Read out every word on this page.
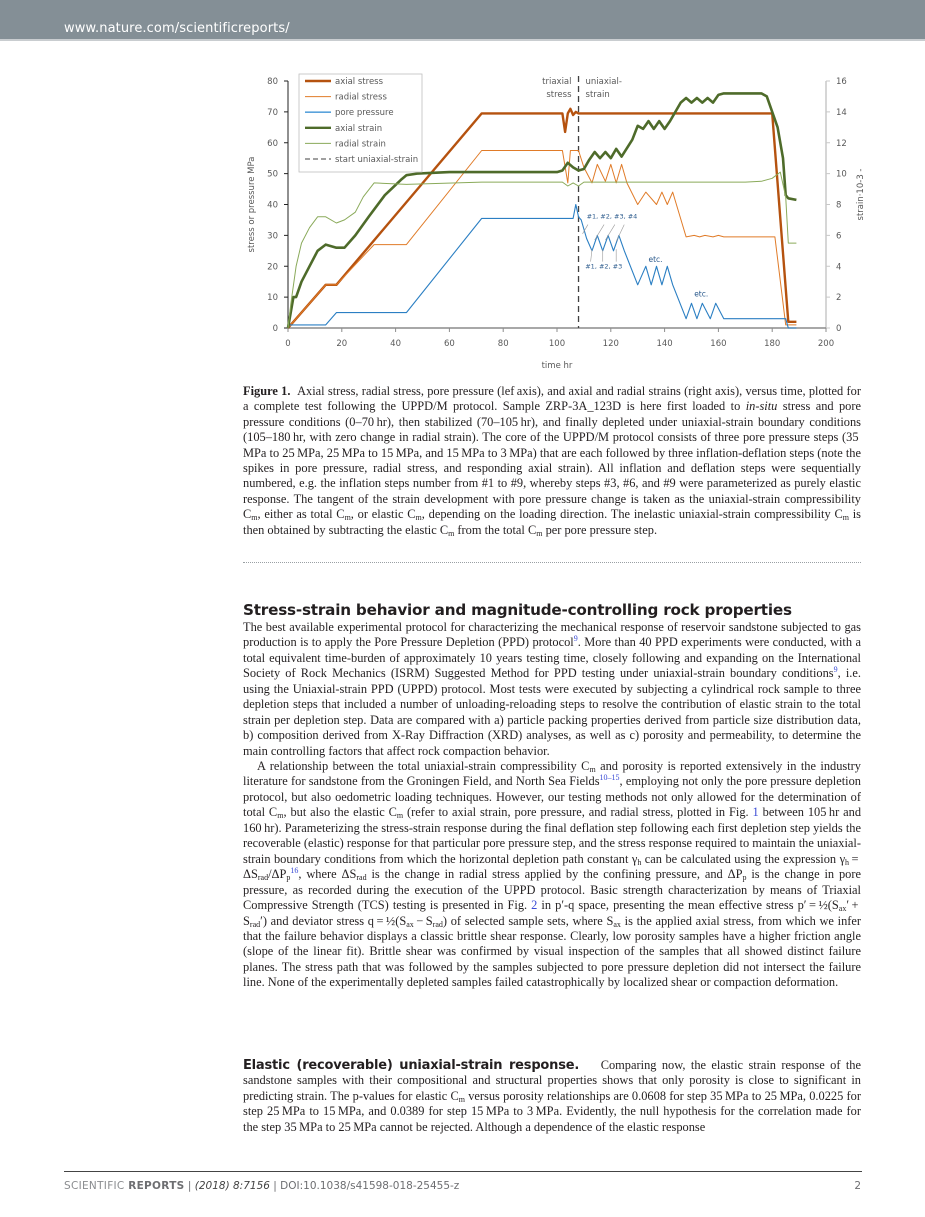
www.nature.com/scientificreports/
0
10
20
30
40
50
60
70
80
0
2
4
6
8
10
12
14
16
0	20	40	60	80	100	120	140	160	180	200
time hr
stress or pressure MPa	strain·10-3 -
axial stress
radial stress
pore pressure
axial strain
radial strain
start uniaxial-strain
triaxial
stress
uniaxial-
strain
#1, #2, #3, #4
#1, #2, #3
etc.
etc.
Figure 1. Axial stress, radial stress, pore pressure (lef axis), and axial and radial strains (right axis), versus time, plotted for a complete test following the UPPD/M protocol. Sample ZRP-3A_123D is here first loaded to in-situ stress and pore pressure conditions (0–70 hr), then stabilized (70–105 hr), and finally depleted under uniaxial-strain boundary conditions (105–180 hr, with zero change in radial strain). The core of the UPPD/M protocol consists of three pore pressure steps (35 MPa to 25 MPa, 25 MPa to 15 MPa, and 15 MPa to 3 MPa) that are each followed by three inflation-deflation steps (note the spikes in pore pressure, radial stress, and responding axial strain). All inflation and deflation steps were sequentially numbered, e.g. the inflation steps number from #1 to #9, whereby steps #3, #6, and #9 were parameterized as purely elastic response. The tangent of the strain development with pore pressure change is taken as the uniaxial-strain compressibility $C_m$, either as total $C_m$, or elastic $C_m$, depending on the loading direction. The inelastic uniaxial-strain compressibility $C_m$ is then obtained by subtracting the elastic $C_m$ from the total $C_m$ per pore pressure step.
Stress-strain behavior and magnitude-controlling rock properties
The best available experimental protocol for characterizing the mechanical response of reservoir sandstone subjected to gas production is to apply the Pore Pressure Depletion (PPD) protocol$^9$. More than 40 PPD experiments were conducted, with a total equivalent time-burden of approximately 10 years testing time, closely following and expanding on the International Society of Rock Mechanics (ISRM) Suggested Method for PPD testing under uniaxial-strain boundary conditions$^9$, i.e. using the Uniaxial-strain PPD (UPPD) protocol. Most tests were executed by subjecting a cylindrical rock sample to three depletion steps that included a number of unloading-reloading steps to resolve the contribution of elastic strain to the total strain per depletion step. Data are compared with a) particle packing properties derived from particle size distribution data, b) composition derived from X-Ray Diffraction (XRD) analyses, as well as c) porosity and permeability, to determine the main controlling factors that affect rock compaction behavior.
A relationship between the total uniaxial-strain compressibility $C_m$ and porosity is reported extensively in the industry literature for sandstone from the Groningen Field, and North Sea Fields$^{10-15}$, employing not only the pore pressure depletion protocol, but also oedometric loading techniques. However, our testing methods not only allowed for the determination of total $C_m$, but also the elastic $C_m$ (refer to axial strain, pore pressure, and radial stress, plotted in Fig. 1 between 105 hr and 160 hr). Parameterizing the stress-strain response during the final deflation step following each first depletion step yields the recoverable (elastic) response for that particular pore pressure step, and the stress response required to maintain the uniaxial-strain boundary conditions from which the horizontal depletion path constant $\gamma_h$ can be calculated using the expression $\gamma_h = \Delta S_{rad}/\Delta P_p^{16}$, where $\Delta S_{rad}$ is the change in radial stress applied by the confining pressure, and $\Delta P_p$ is the change in pore pressure, as recorded during the execution of the UPPD protocol. Basic strength characterization by means of Triaxial Compressive Strength (TCS) testing is presented in Fig. 2 in p′-q space, presenting the mean effective stress $p' = \frac{1}{2}(S_{ax}' + S_{rad}')$ and deviator stress $q = \frac{1}{2}(S_{ax} - S_{rad})$ of selected sample sets, where $S_{ax}$ is the applied axial stress, from which we infer that the failure behavior displays a classic brittle shear response. Clearly, low porosity samples have a higher friction angle (slope of the linear fit). Brittle shear was confirmed by visual inspection of the samples that all showed distinct failure planes. The stress path that was followed by the samples subjected to pore pressure depletion did not intersect the failure line. None of the experimentally depleted samples failed catastrophically by localized shear or compaction deformation.
Elastic (recoverable) uniaxial-strain response. Comparing now, the elastic strain response of the sandstone samples with their compositional and structural properties shows that only porosity is close to significant in predicting strain. The p-values for elastic $C_m$ versus porosity relationships are 0.0608 for step 35 MPa to 25 MPa, 0.0225 for step 25 MPa to 15 MPa, and 0.0389 for step 15 MPa to 3 MPa. Evidently, the null hypothesis for the correlation made for the step 35 MPa to 25 MPa cannot be rejected. Although a dependence of the elastic response
SCIENTIFIC REPORTS | (2018) 8:7156 | DOI:10.1038/s41598-018-25455-z	2
